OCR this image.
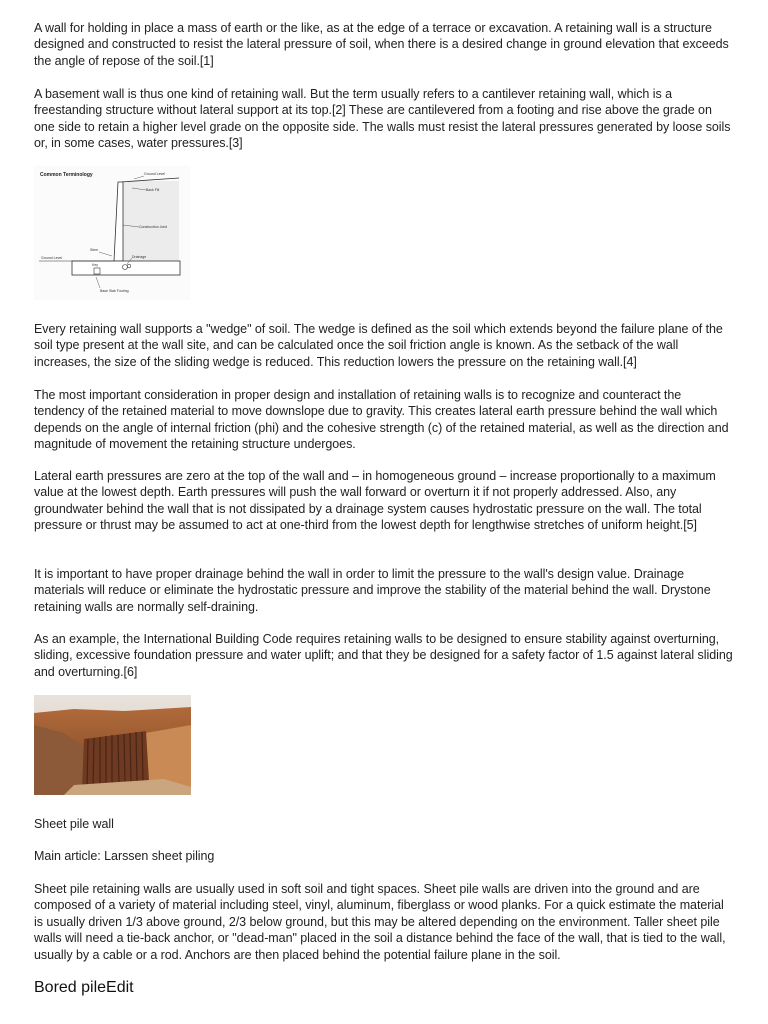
A wall for holding in place a mass of earth or the like, as at the edge of a terrace or excavation. A retaining wall is a structure designed and constructed to resist the lateral pressure of soil, when there is a desired change in ground elevation that exceeds the angle of repose of the soil.[1]

A basement wall is thus one kind of retaining wall. But the term usually refers to a cantilever retaining wall, which is a freestanding structure without lateral support at its top.[2] These are cantilevered from a footing and rise above the grade on one side to retain a higher level grade on the opposite side. The walls must resist the lateral pressures generated by loose soils or, in some cases, water pressures.[3]

Common Terminology	Ground Level
Back Fill
Construction Joint
Stem
Ground Level	Drainage
Key
Base Slab Footing

Every retaining wall supports a "wedge" of soil. The wedge is defined as the soil which extends beyond the failure plane of the soil type present at the wall site, and can be calculated once the soil friction angle is known. As the setback of the wall increases, the size of the sliding wedge is reduced. This reduction lowers the pressure on the retaining wall.[4]

The most important consideration in proper design and installation of retaining walls is to recognize and counteract the tendency of the retained material to move downslope due to gravity. This creates lateral earth pressure behind the wall which depends on the angle of internal friction (phi) and the cohesive strength (c) of the retained material, as well as the direction and magnitude of movement the retaining structure undergoes.

Lateral earth pressures are zero at the top of the wall and – in homogeneous ground – increase proportionally to a maximum value at the lowest depth. Earth pressures will push the wall forward or overturn it if not properly addressed. Also, any groundwater behind the wall that is not dissipated by a drainage system causes hydrostatic pressure on the wall. The total pressure or thrust may be assumed to act at one-third from the lowest depth for lengthwise stretches of uniform height.[5]

It is important to have proper drainage behind the wall in order to limit the pressure to the wall's design value. Drainage materials will reduce or eliminate the hydrostatic pressure and improve the stability of the material behind the wall. Drystone retaining walls are normally self-draining.

As an example, the International Building Code requires retaining walls to be designed to ensure stability against overturning, sliding, excessive foundation pressure and water uplift; and that they be designed for a safety factor of 1.5 against lateral sliding and overturning.[6]

Sheet pile wall

Main article: Larssen sheet piling

Sheet pile retaining walls are usually used in soft soil and tight spaces. Sheet pile walls are driven into the ground and are composed of a variety of material including steel, vinyl, aluminum, fiberglass or wood planks. For a quick estimate the material is usually driven 1/3 above ground, 2/3 below ground, but this may be altered depending on the environment. Taller sheet pile walls will need a tie-back anchor, or "dead-man" placed in the soil a distance behind the face of the wall, that is tied to the wall, usually by a cable or a rod. Anchors are then placed behind the potential failure plane in the soil.

Bored pileEdit
